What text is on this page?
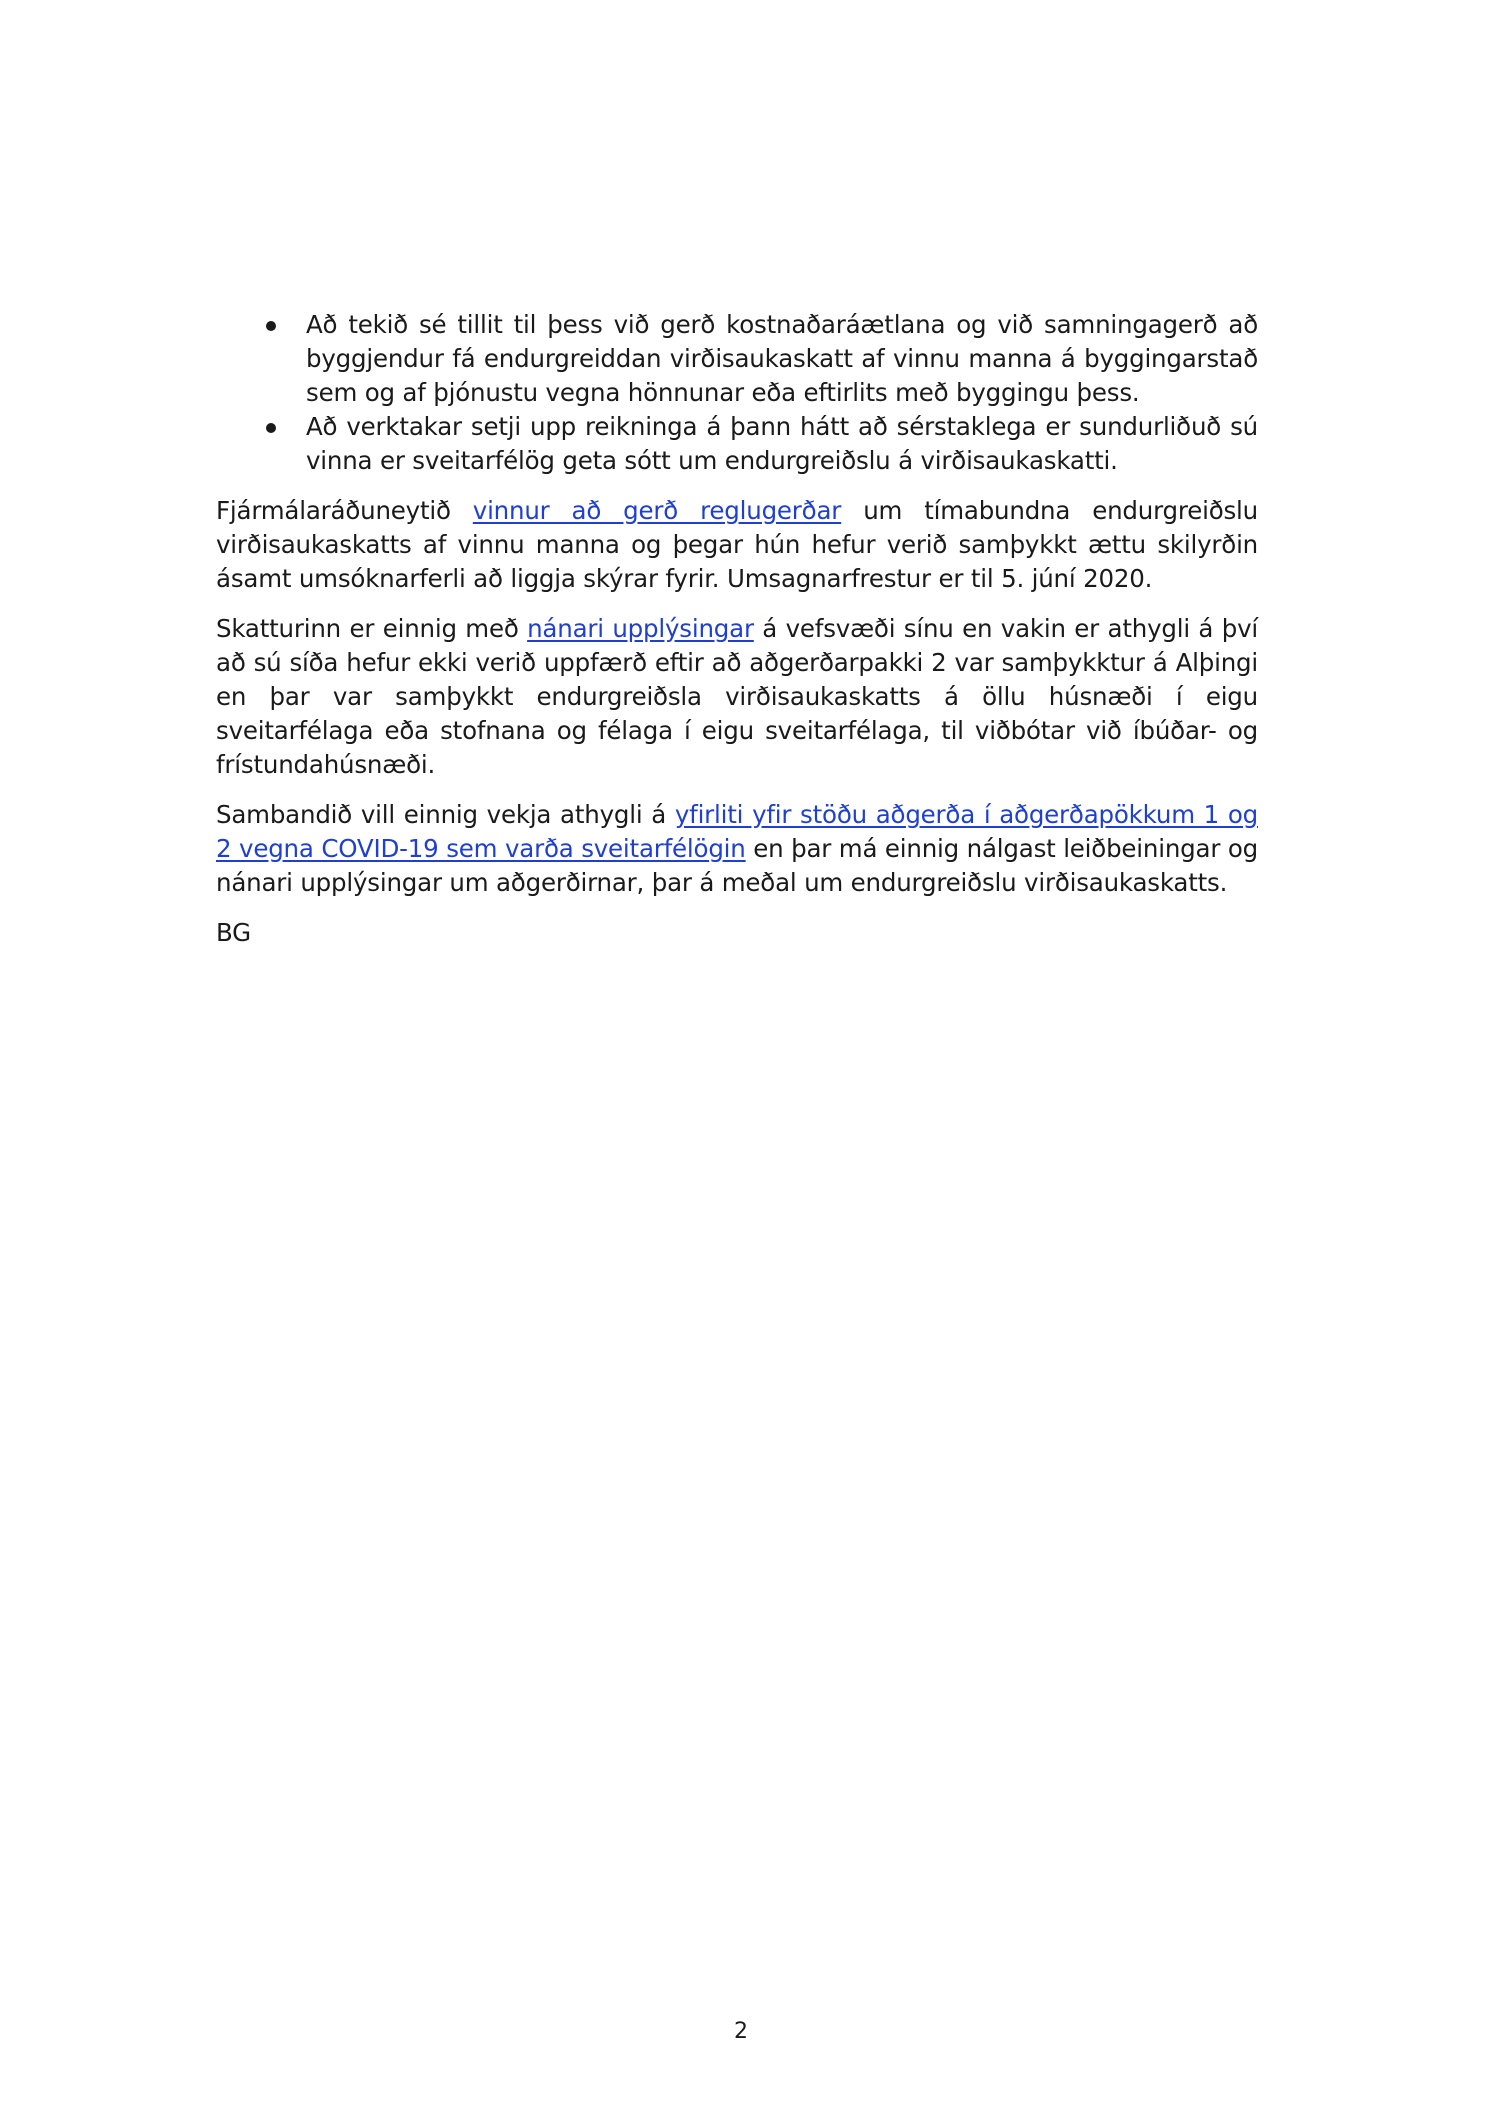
Að tekið sé tillit til þess við gerð kostnaðaráætlana og við samningagerð að byggjendur fá endurgreiddan virðisaukaskatt af vinnu manna á byggingarstað sem og af þjónustu vegna hönnunar eða eftirlits með byggingu þess.
Að verktakar setji upp reikninga á þann hátt að sérstaklega er sundurliðuð sú vinna er sveitarfélög geta sótt um endurgreiðslu á virðisaukaskatti.

Fjármálaráðuneytið vinnur að gerð reglugerðar um tímabundna endurgreiðslu virðisaukaskatts af vinnu manna og þegar hún hefur verið samþykkt ættu skilyrðin ásamt umsóknarferli að liggja skýrar fyrir. Umsagnarfrestur er til 5. júní 2020.

Skatturinn er einnig með nánari upplýsingar á vefsvæði sínu en vakin er athygli á því að sú síða hefur ekki verið uppfærð eftir að aðgerðarpakki 2 var samþykktur á Alþingi en þar var samþykkt endurgreiðsla virðisaukaskatts á öllu húsnæði í eigu sveitarfélaga eða stofnana og félaga í eigu sveitarfélaga, til viðbótar við íbúðar- og frístundahúsnæði.

Sambandið vill einnig vekja athygli á yfirliti yfir stöðu aðgerða í aðgerðapökkum 1 og 2 vegna COVID-19 sem varða sveitarfélögin en þar má einnig nálgast leiðbeiningar og nánari upplýsingar um aðgerðirnar, þar á meðal um endurgreiðslu virðisaukaskatts.

BG

2
